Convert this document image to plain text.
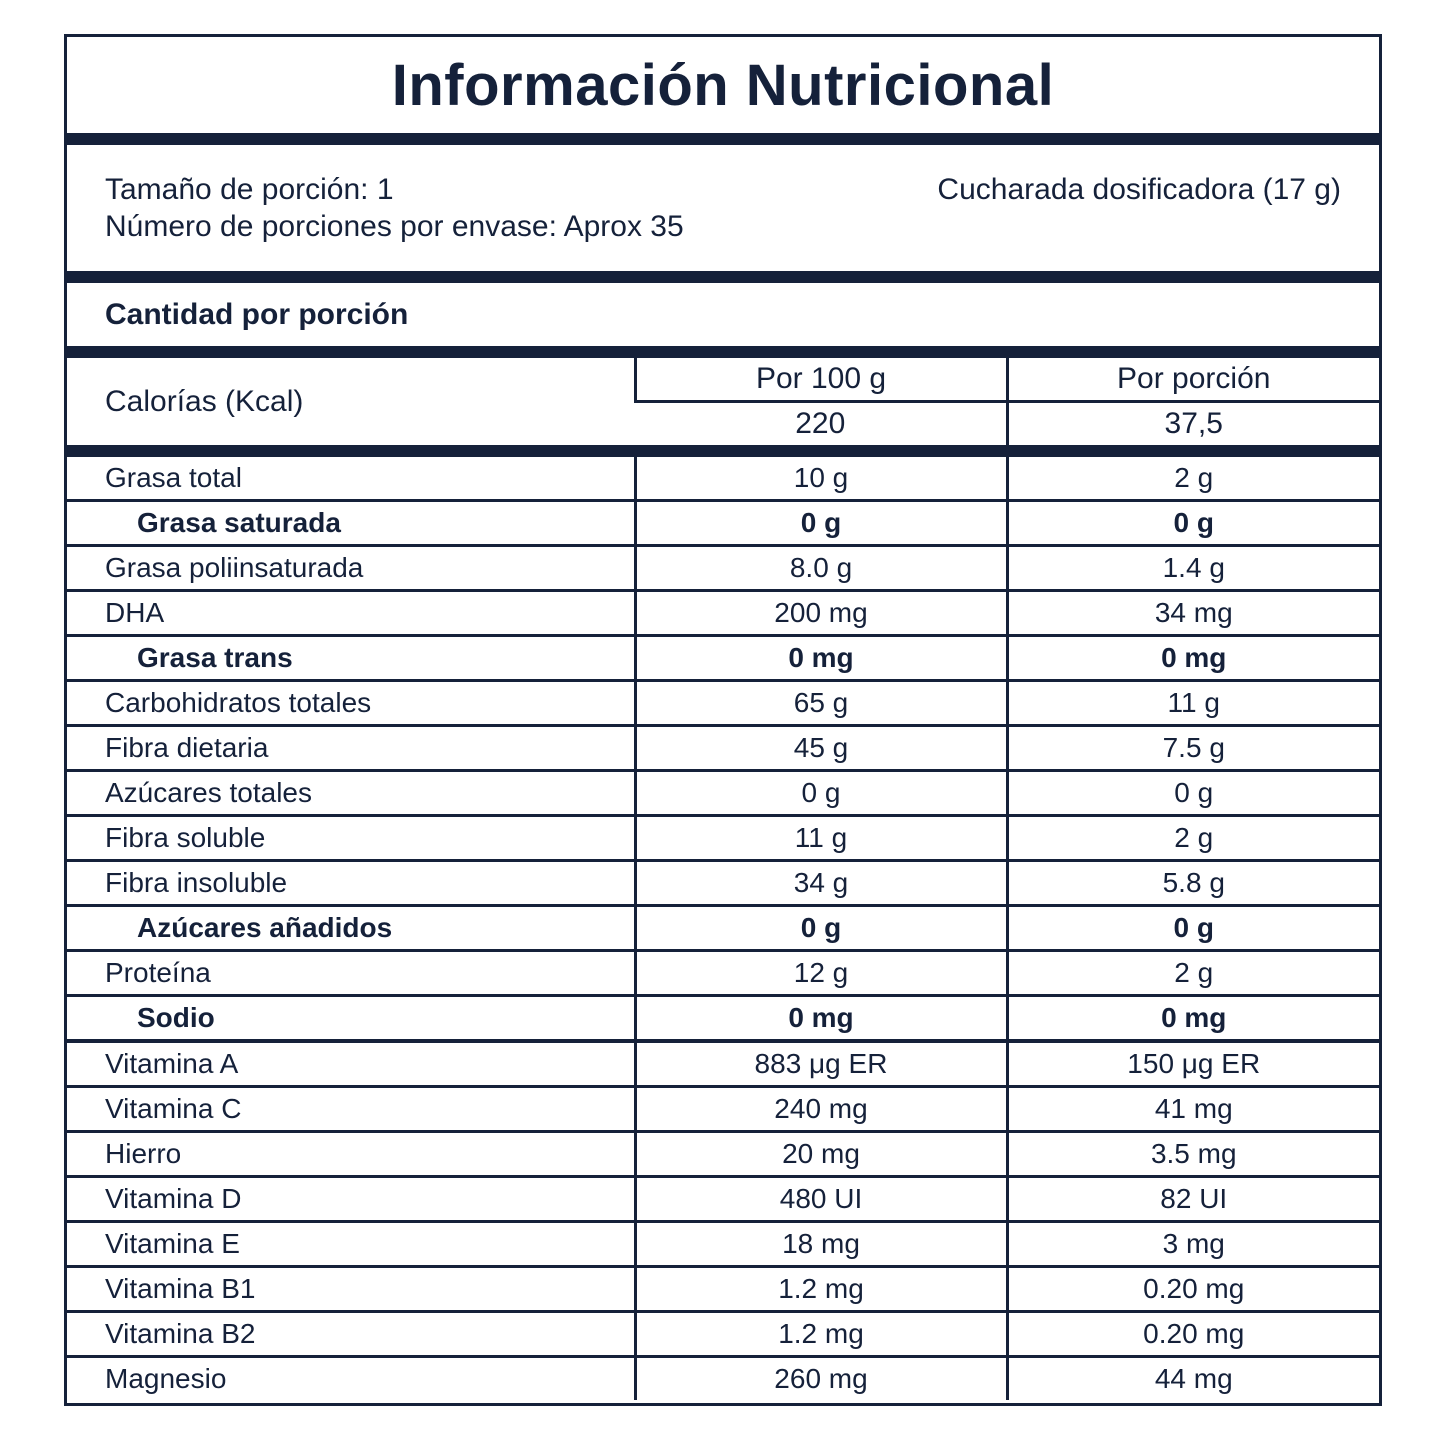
Información Nutricional
Tamaño de porción: 1
Número de porciones por envase: Aprox 35
Cucharada dosificadora (17 g)
Cantidad por porción
Calorías (Kcal)	Por 100 g	Por porción
	220	37,5
Grasa total	10 g	2 g
Grasa saturada	0 g	0 g
Grasa poliinsaturada	8.0 g	1.4 g
DHA	200 mg	34 mg
Grasa trans	0 mg	0 mg
Carbohidratos totales	65 g	11 g
Fibra dietaria	45 g	7.5 g
Azúcares totales	0 g	0 g
Fibra soluble	11 g	2 g
Fibra insoluble	34 g	5.8 g
Azúcares añadidos	0 g	0 g
Proteína	12 g	2 g
Sodio	0 mg	0 mg
Vitamina A	883 μg ER	150 μg ER
Vitamina C	240 mg	41 mg
Hierro	20 mg	3.5 mg
Vitamina D	480 UI	82 UI
Vitamina E	18 mg	3 mg
Vitamina B1	1.2 mg	0.20 mg
Vitamina B2	1.2 mg	0.20 mg
Magnesio	260 mg	44 mg
